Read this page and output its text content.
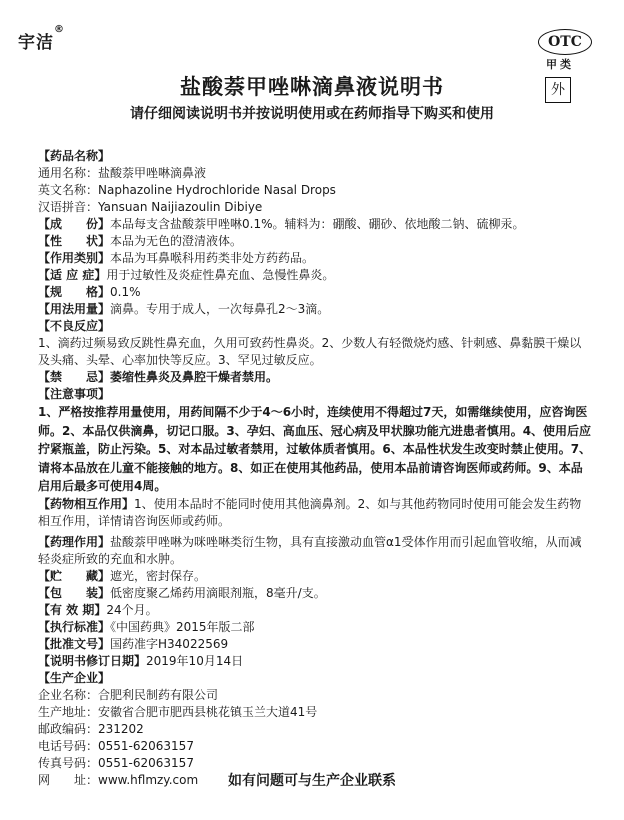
宇洁®
OTC
甲类
外
盐酸萘甲唑啉滴鼻液说明书
请仔细阅读说明书并按说明使用或在药师指导下购买和使用
【药品名称】
通用名称：盐酸萘甲唑啉滴鼻液
英文名称：Naphazoline Hydrochloride Nasal Drops
汉语拼音：Yansuan Naijiazoulin Dibiye
【成　　份】本品每支含盐酸萘甲唑啉0.1%。辅料为：硼酸、硼砂、依地酸二钠、硫柳汞。
【性　　状】本品为无色的澄清液体。
【作用类别】本品为耳鼻喉科用药类非处方药药品。
【适 应 症】用于过敏性及炎症性鼻充血、急慢性鼻炎。
【规　　格】0.1%
【用法用量】滴鼻。专用于成人，一次每鼻孔2～3滴。
【不良反应】

1、滴药过频易致反跳性鼻充血，久用可致药性鼻炎。2、少数人有轻微烧灼感、针刺感、鼻黏膜干燥以及头痛、头晕、心率加快等反应。3、罕见过敏反应。

【禁　　忌】萎缩性鼻炎及鼻腔干燥者禁用。
【注意事项】

1、严格按推荐用量使用，用药间隔不少于4～6小时，连续使用不得超过7天，如需继续使用，应咨询医师。2、本品仅供滴鼻，切记口服。3、孕妇、高血压、冠心病及甲状腺功能亢进患者慎用。4、使用后应拧紧瓶盖，防止污染。5、对本品过敏者禁用，过敏体质者慎用。6、本品性状发生改变时禁止使用。7、请将本品放在儿童不能接触的地方。8、如正在使用其他药品，使用本品前请咨询医师或药师。9、本品启用后最多可使用4周。

【药物相互作用】1、使用本品时不能同时使用其他滴鼻剂。2、如与其他药物同时使用可能会发生药物相互作用，详情请咨询医师或药师。

【药理作用】盐酸萘甲唑啉为咪唑啉类衍生物，具有直接激动血管α1受体作用而引起血管收缩，从而减轻炎症所致的充血和水肿。

【贮　　藏】遮光，密封保存。
【包　　装】低密度聚乙烯药用滴眼剂瓶，8毫升/支。
【有 效 期】24个月。
【执行标准】《中国药典》2015年版二部
【批准文号】国药准字H34022569
【说明书修订日期】2019年10月14日
【生产企业】
企业名称：合肥利民制药有限公司
生产地址：安徽省合肥市肥西县桃花镇玉兰大道41号
邮政编码：231202
电话号码：0551-62063157
传真号码：0551-62063157
网　　址：www.hflmzy.com	如有问题可与生产企业联系
